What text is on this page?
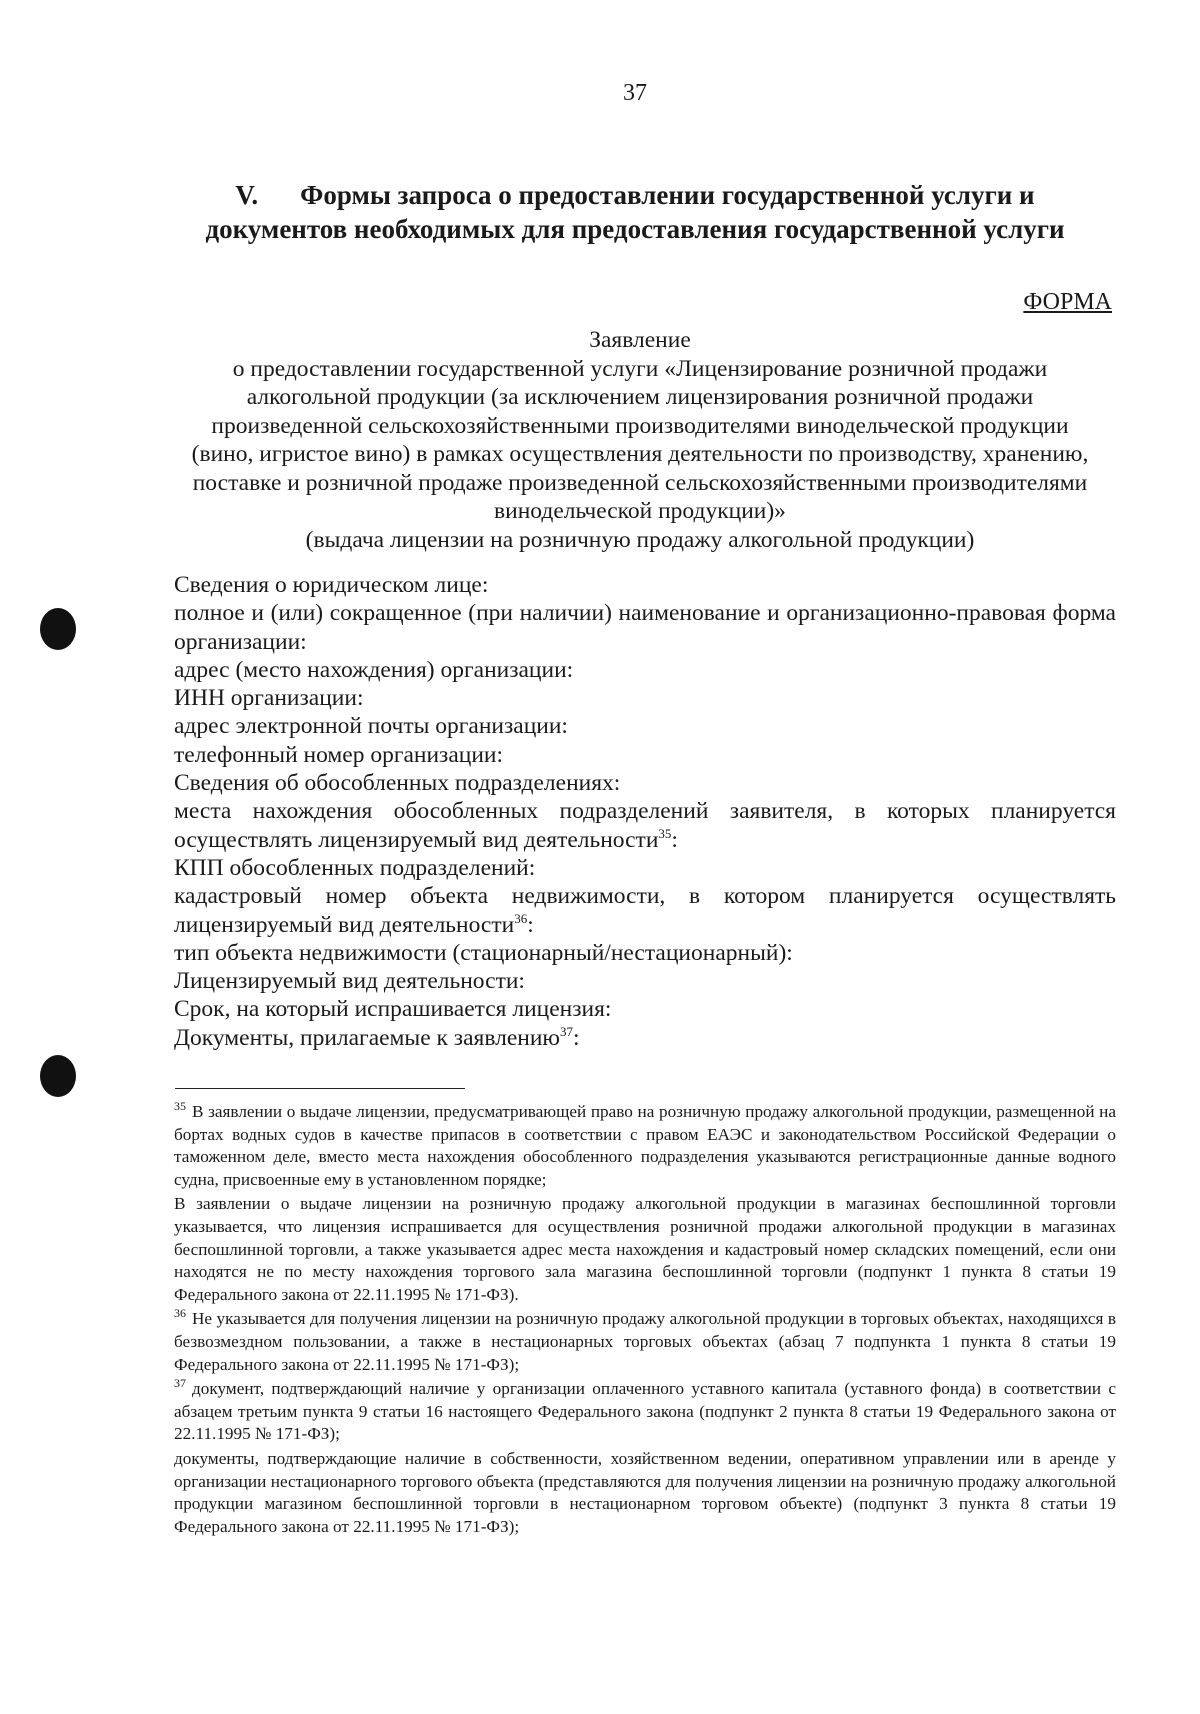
37
V. Формы запроса о предоставлении государственной услуги и
документов необходимых для предоставления государственной услуги
ФОРМА
Заявление
о предоставлении государственной услуги «Лицензирование розничной продажи
алкогольной продукции (за исключением лицензирования розничной продажи
произведенной сельскохозяйственными производителями винодельческой продукции
(вино, игристое вино) в рамках осуществления деятельности по производству, хранению,
поставке и розничной продаже произведенной сельскохозяйственными производителями
винодельческой продукции)»
(выдача лицензии на розничную продажу алкогольной продукции)

Сведения о юридическом лице:

полное и (или) сокращенное (при наличии) наименование и организационно-правовая форма организации:

адрес (место нахождения) организации:

ИНН организации:

адрес электронной почты организации:

телефонный номер организации:

Сведения об обособленных подразделениях:

места нахождения обособленных подразделений заявителя, в которых планируется осуществлять лицензируемый вид деятельности$^{35}$:

КПП обособленных подразделений:

кадастровый номер объекта недвижимости, в котором планируется осуществлять лицензируемый вид деятельности$^{36}$:

тип объекта недвижимости (стационарный/нестационарный):

Лицензируемый вид деятельности:

Срок, на который испрашивается лицензия:

Документы, прилагаемые к заявлению$^{37}$:

$^{35}$ В заявлении о выдаче лицензии, предусматривающей право на розничную продажу алкогольной продукции, размещенной на бортах водных судов в качестве припасов в соответствии с правом ЕАЭС и законодательством Российской Федерации о таможенном деле, вместо места нахождения обособленного подразделения указываются регистрационные данные водного судна, присвоенные ему в установленном порядке;

В заявлении о выдаче лицензии на розничную продажу алкогольной продукции в магазинах беспошлинной торговли указывается, что лицензия испрашивается для осуществления розничной продажи алкогольной продукции в магазинах беспошлинной торговли, а также указывается адрес места нахождения и кадастровый номер складских помещений, если они находятся не по месту нахождения торгового зала магазина беспошлинной торговли (подпункт 1 пункта 8 статьи 19 Федерального закона от 22.11.1995 № 171-ФЗ).

$^{36}$ Не указывается для получения лицензии на розничную продажу алкогольной продукции в торговых объектах, находящихся в безвозмездном пользовании, а также в нестационарных торговых объектах (абзац 7 подпункта 1 пункта 8 статьи 19 Федерального закона от 22.11.1995 № 171-ФЗ);

$^{37}$ документ, подтверждающий наличие у организации оплаченного уставного капитала (уставного фонда) в соответствии с абзацем третьим пункта 9 статьи 16 настоящего Федерального закона (подпункт 2 пункта 8 статьи 19 Федерального закона от 22.11.1995 № 171-ФЗ);

документы, подтверждающие наличие в собственности, хозяйственном ведении, оперативном управлении или в аренде у организации нестационарного торгового объекта (представляются для получения лицензии на розничную продажу алкогольной продукции магазином беспошлинной торговли в нестационарном торговом объекте) (подпункт 3 пункта 8 статьи 19 Федерального закона от 22.11.1995 № 171-ФЗ);
